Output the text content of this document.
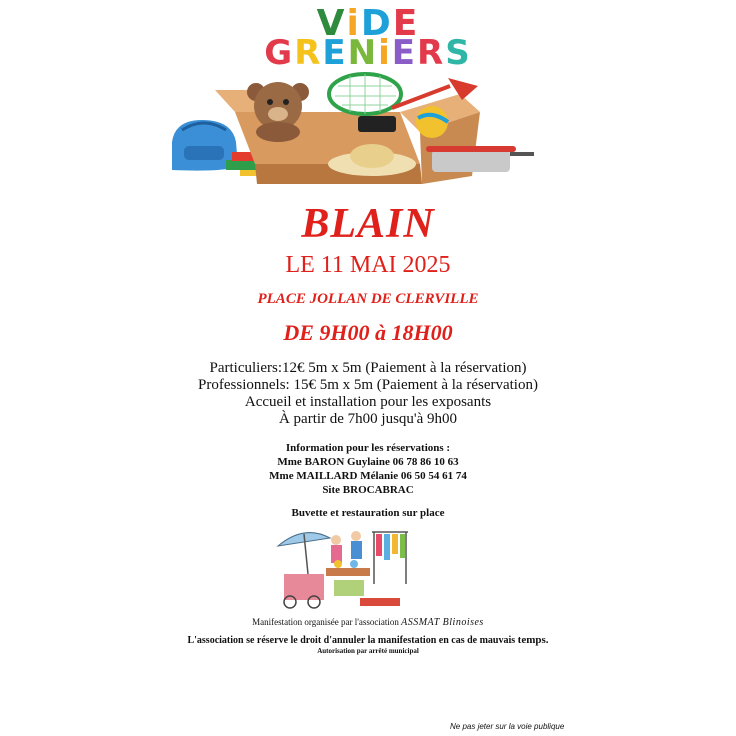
ViDE
GRENiERS
BLAIN
LE 11 MAI 2025
PLACE JOLLAN DE CLERVILLE
DE 9H00 à 18H00
Particuliers:12€ 5m x 5m (Paiement à la réservation)
Professionnels: 15€ 5m x 5m (Paiement à la réservation)
Accueil et installation pour les exposants
À partir de 7h00 jusqu'à 9h00
Information pour les réservations :
Mme BARON Guylaine 06 78 86 10 63
Mme MAILLARD Mélanie 06 50 54 61 74
Site BROCABRAC
Buvette et restauration sur place
Manifestation organisée par l'association ASSMAT Blinoises
L'association se réserve le droit d'annuler la manifestation en cas de mauvais temps.
Autorisation par arrêté municipal
Ne pas jeter sur la voie publique
